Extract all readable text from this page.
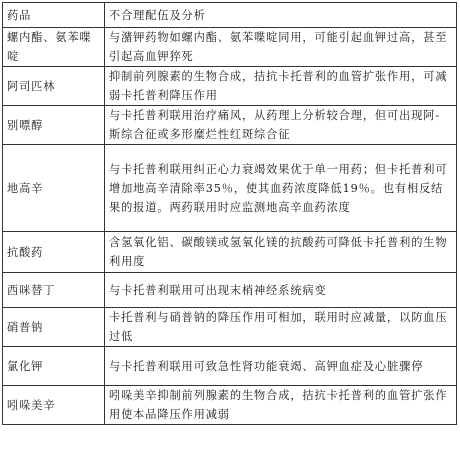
药品	不合理配伍及分析
螺内酯、氨苯喋啶	与潴钾药物如螺内酯、氨苯喋啶同用，可能引起血钾过高，甚至引起高血钾猝死
阿司匹林	抑制前列腺素的生物合成，拮抗卡托普利的血管扩张作用，可减弱卡托普利降压作用
别嘌醇	与卡托普利联用治疗痛风，从药理上分析较合理，但可出现阿-斯综合征或多形糜烂性红斑综合征
地高辛	与卡托普利联用纠正心力衰竭效果优于单一用药；但卡托普利可增加地高辛清除率35％，使其血药浓度降低19％。也有相反结果的报道。两药联用时应监测地高辛血药浓度
抗酸药	含氢氧化铝、碳酸镁或氢氧化镁的抗酸药可降低卡托普利的生物利用度
西咪替丁	与卡托普利联用可出现末梢神经系统病变
硝普钠	卡托普利与硝普钠的降压作用可相加，联用时应减量，以防血压过低
氯化钾	与卡托普利联用可致急性肾功能衰竭、高钾血症及心脏骤停
吲哚美辛	吲哚美辛抑制前列腺素的生物合成，拮抗卡托普利的血管扩张作用使本品降压作用减弱
